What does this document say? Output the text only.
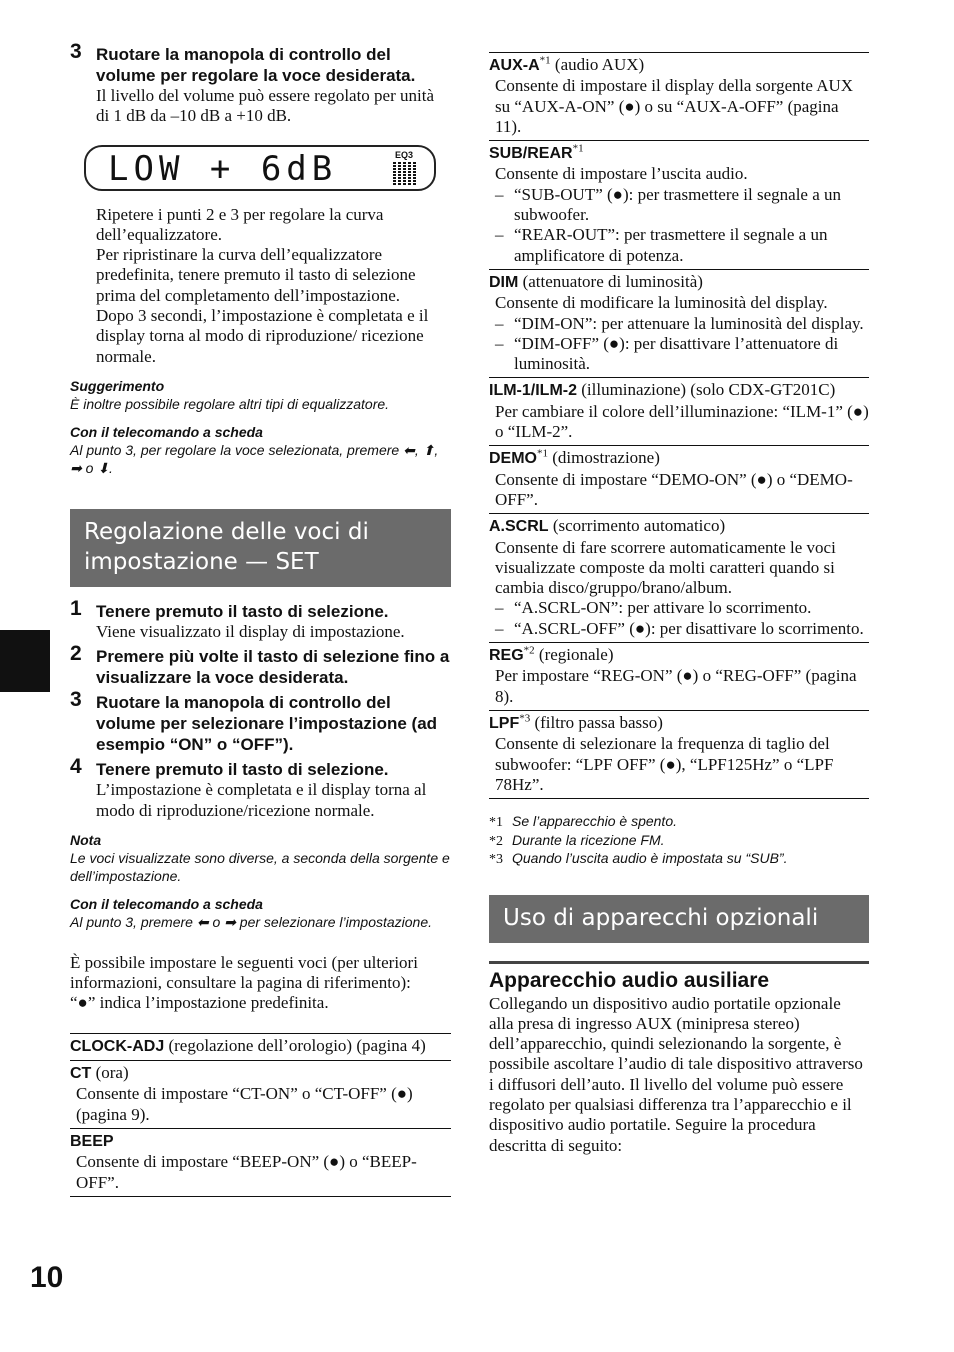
3 Ruotare la manopola di controllo del volume per regolare la voce desiderata.
Il livello del volume può essere regolato per unità di 1 dB da –10 dB a +10 dB.
LOW + 6dB	EQ3
Ripetere i punti 2 e 3 per regolare la curva dell’equalizzatore.
Per ripristinare la curva dell’equalizzatore predefinita, tenere premuto il tasto di selezione prima del completamento dell’impostazione.
Dopo 3 secondi, l’impostazione è completata e il display torna al modo di riproduzione/ ricezione normale.
Suggerimento
È inoltre possibile regolare altri tipi di equalizzatore.
Con il telecomando a scheda
Al punto 3, per regolare la voce selezionata, premere ⬅, ⬆, ➡ o ⬇.
Regolazione delle voci di impostazione — SET
1 Tenere premuto il tasto di selezione.
Viene visualizzato il display di impostazione.
2 Premere più volte il tasto di selezione fino a visualizzare la voce desiderata.
3 Ruotare la manopola di controllo del volume per selezionare l’impostazione (ad esempio “ON” o “OFF”).
4 Tenere premuto il tasto di selezione.
L’impostazione è completata e il display torna al modo di riproduzione/ricezione normale.
Nota
Le voci visualizzate sono diverse, a seconda della sorgente e dell’impostazione.
Con il telecomando a scheda
Al punto 3, premere ⬅ o ➡ per selezionare l’impostazione.
È possibile impostare le seguenti voci (per ulteriori informazioni, consultare la pagina di riferimento):
“●” indica l’impostazione predefinita.
CLOCK-ADJ (regolazione dell’orologio) (pagina 4)
CT (ora)
Consente di impostare “CT-ON” o “CT-OFF” (●) (pagina 9).
BEEP
Consente di impostare “BEEP-ON” (●) o “BEEP-OFF”.
AUX-$A^{*1}$ (audio AUX)
Consente di impostare il display della sorgente AUX su “AUX-A-ON” (●) o su “AUX-A-OFF” (pagina 11).
SUB/REAR$^{*1}$
Consente di impostare l’uscita audio.
– “SUB-OUT” (●): per trasmettere il segnale a un subwoofer.
– “REAR-OUT”: per trasmettere il segnale a un amplificatore di potenza.
DIM (attenuatore di luminosità)
Consente di modificare la luminosità del display.
– “DIM-ON”: per attenuare la luminosità del display.
– “DIM-OFF” (●): per disattivare l’attenuatore di luminosità.
ILM-1/ILM-2 (illuminazione) (solo CDX-GT201C)
Per cambiare il colore dell’illuminazione: “ILM-1” (●) o “ILM-2”.
DEMO$^{*1}$ (dimostrazione)
Consente di impostare “DEMO-ON” (●) o “DEMO-OFF”.
A.SCRL (scorrimento automatico)
Consente di fare scorrere automaticamente le voci visualizzate composte da molti caratteri quando si cambia disco/gruppo/brano/album.
– “A.SCRL-ON”: per attivare lo scorrimento.
– “A.SCRL-OFF” (●): per disattivare lo scorrimento.
REG$^{*2}$ (regionale)
Per impostare “REG-ON” (●) o “REG-OFF” (pagina 8).
LPF$^{*3}$ (filtro passa basso)
Consente di selezionare la frequenza di taglio del subwoofer: “LPF OFF” (●), “LPF125Hz” o “LPF 78Hz”.
*1 Se l’apparecchio è spento.
*2 Durante la ricezione FM.
*3 Quando l’uscita audio è impostata su “SUB”.
Uso di apparecchi opzionali
Apparecchio audio ausiliare
Collegando un dispositivo audio portatile opzionale alla presa di ingresso AUX (minipresa stereo) dell’apparecchio, quindi selezionando la sorgente, è possibile ascoltare l’audio di tale dispositivo attraverso i diffusori dell’auto. Il livello del volume può essere regolato per qualsiasi differenza tra l’apparecchio e il dispositivo audio portatile. Seguire la procedura descritta di seguito:
10
